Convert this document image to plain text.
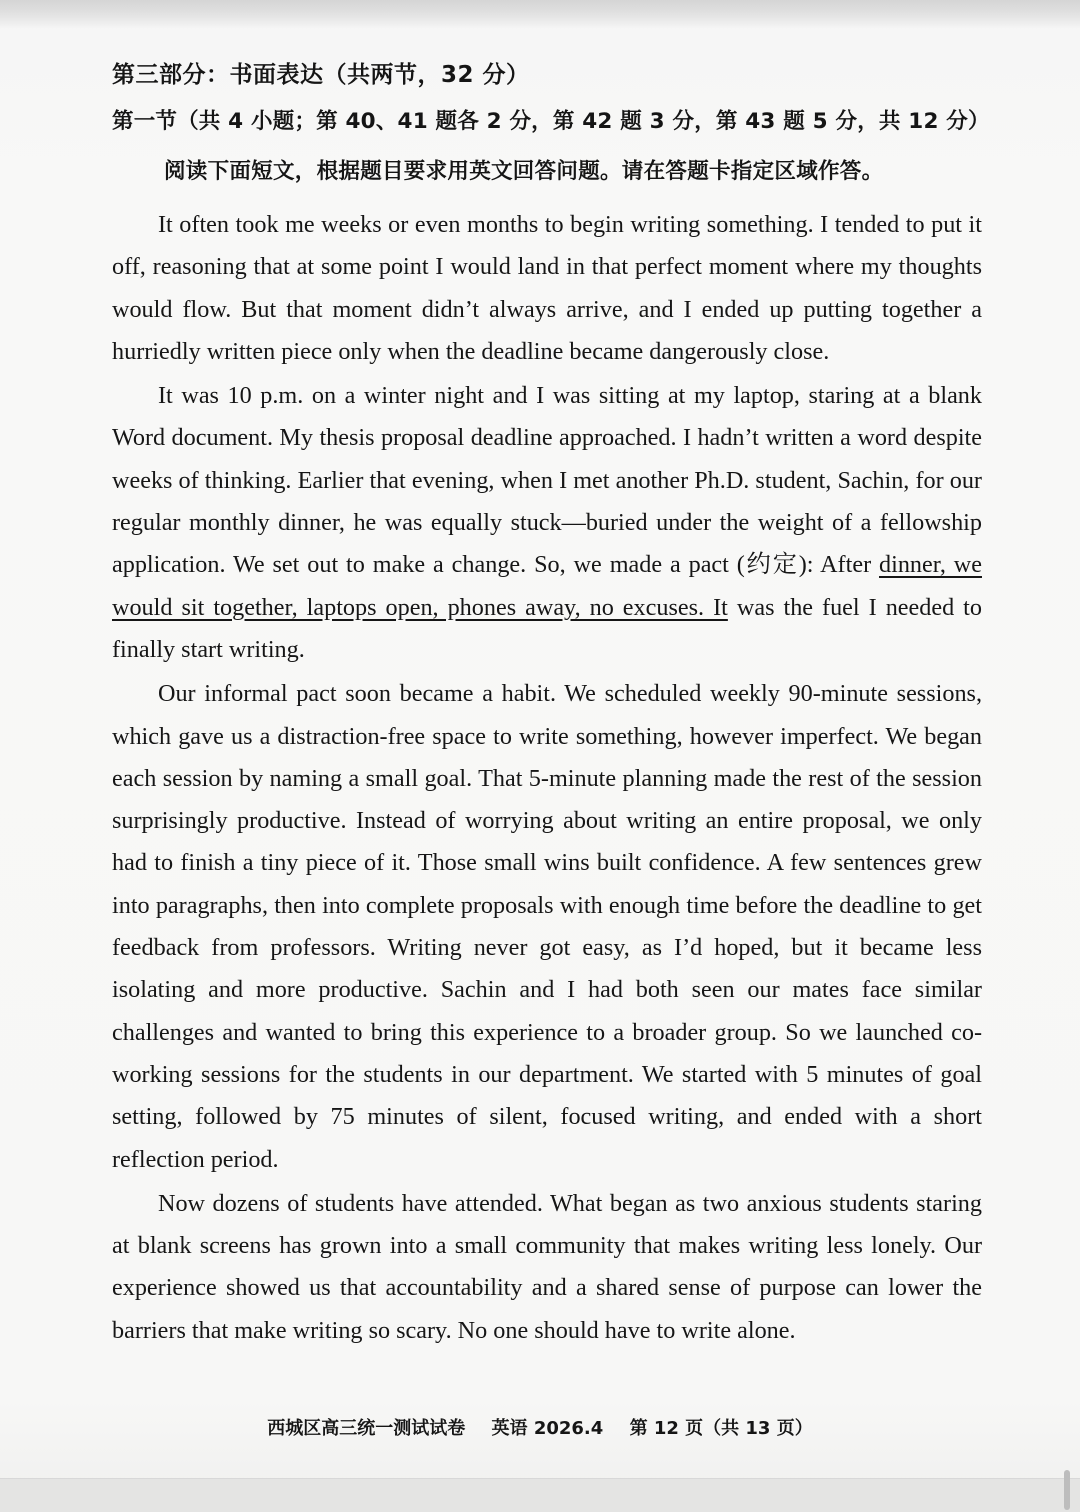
第三部分：书面表达（共两节，32 分）
第一节（共 4 小题；第 40、41 题各 2 分，第 42 题 3 分，第 43 题 5 分，共 12 分）
阅读下面短文，根据题目要求用英文回答问题。请在答题卡指定区域作答。

It often took me weeks or even months to begin writing something. I tended to put it off, reasoning that at some point I would land in that perfect moment where my thoughts would flow. But that moment didn’t always arrive, and I ended up putting together a hurriedly written piece only when the deadline became dangerously close.

It was 10 p.m. on a winter night and I was sitting at my laptop, staring at a blank Word document. My thesis proposal deadline approached. I hadn’t written a word despite weeks of thinking. Earlier that evening, when I met another Ph.D. student, Sachin, for our regular monthly dinner, he was equally stuck—buried under the weight of a fellowship application. We set out to make a change. So, we made a pact (约定): After dinner, we would sit together, laptops open, phones away, no excuses. It was the fuel I needed to finally start writing.

Our informal pact soon became a habit. We scheduled weekly 90-minute sessions, which gave us a distraction-free space to write something, however imperfect. We began each session by naming a small goal. That 5-minute planning made the rest of the session surprisingly productive. Instead of worrying about writing an entire proposal, we only had to finish a tiny piece of it. Those small wins built confidence. A few sentences grew into paragraphs, then into complete proposals with enough time before the deadline to get feedback from professors. Writing never got easy, as I’d hoped, but it became less isolating and more productive. Sachin and I had both seen our mates face similar challenges and wanted to bring this experience to a broader group. So we launched co-working sessions for the students in our department. We started with 5 minutes of goal setting, followed by 75 minutes of silent, focused writing, and ended with a short reflection period.

Now dozens of students have attended. What began as two anxious students staring at blank screens has grown into a small community that makes writing less lonely. Our experience showed us that accountability and a shared sense of purpose can lower the barriers that make writing so scary. No one should have to write alone.

西城区高三统一测试试卷 英语 2026.4 第 12 页（共 13 页）
